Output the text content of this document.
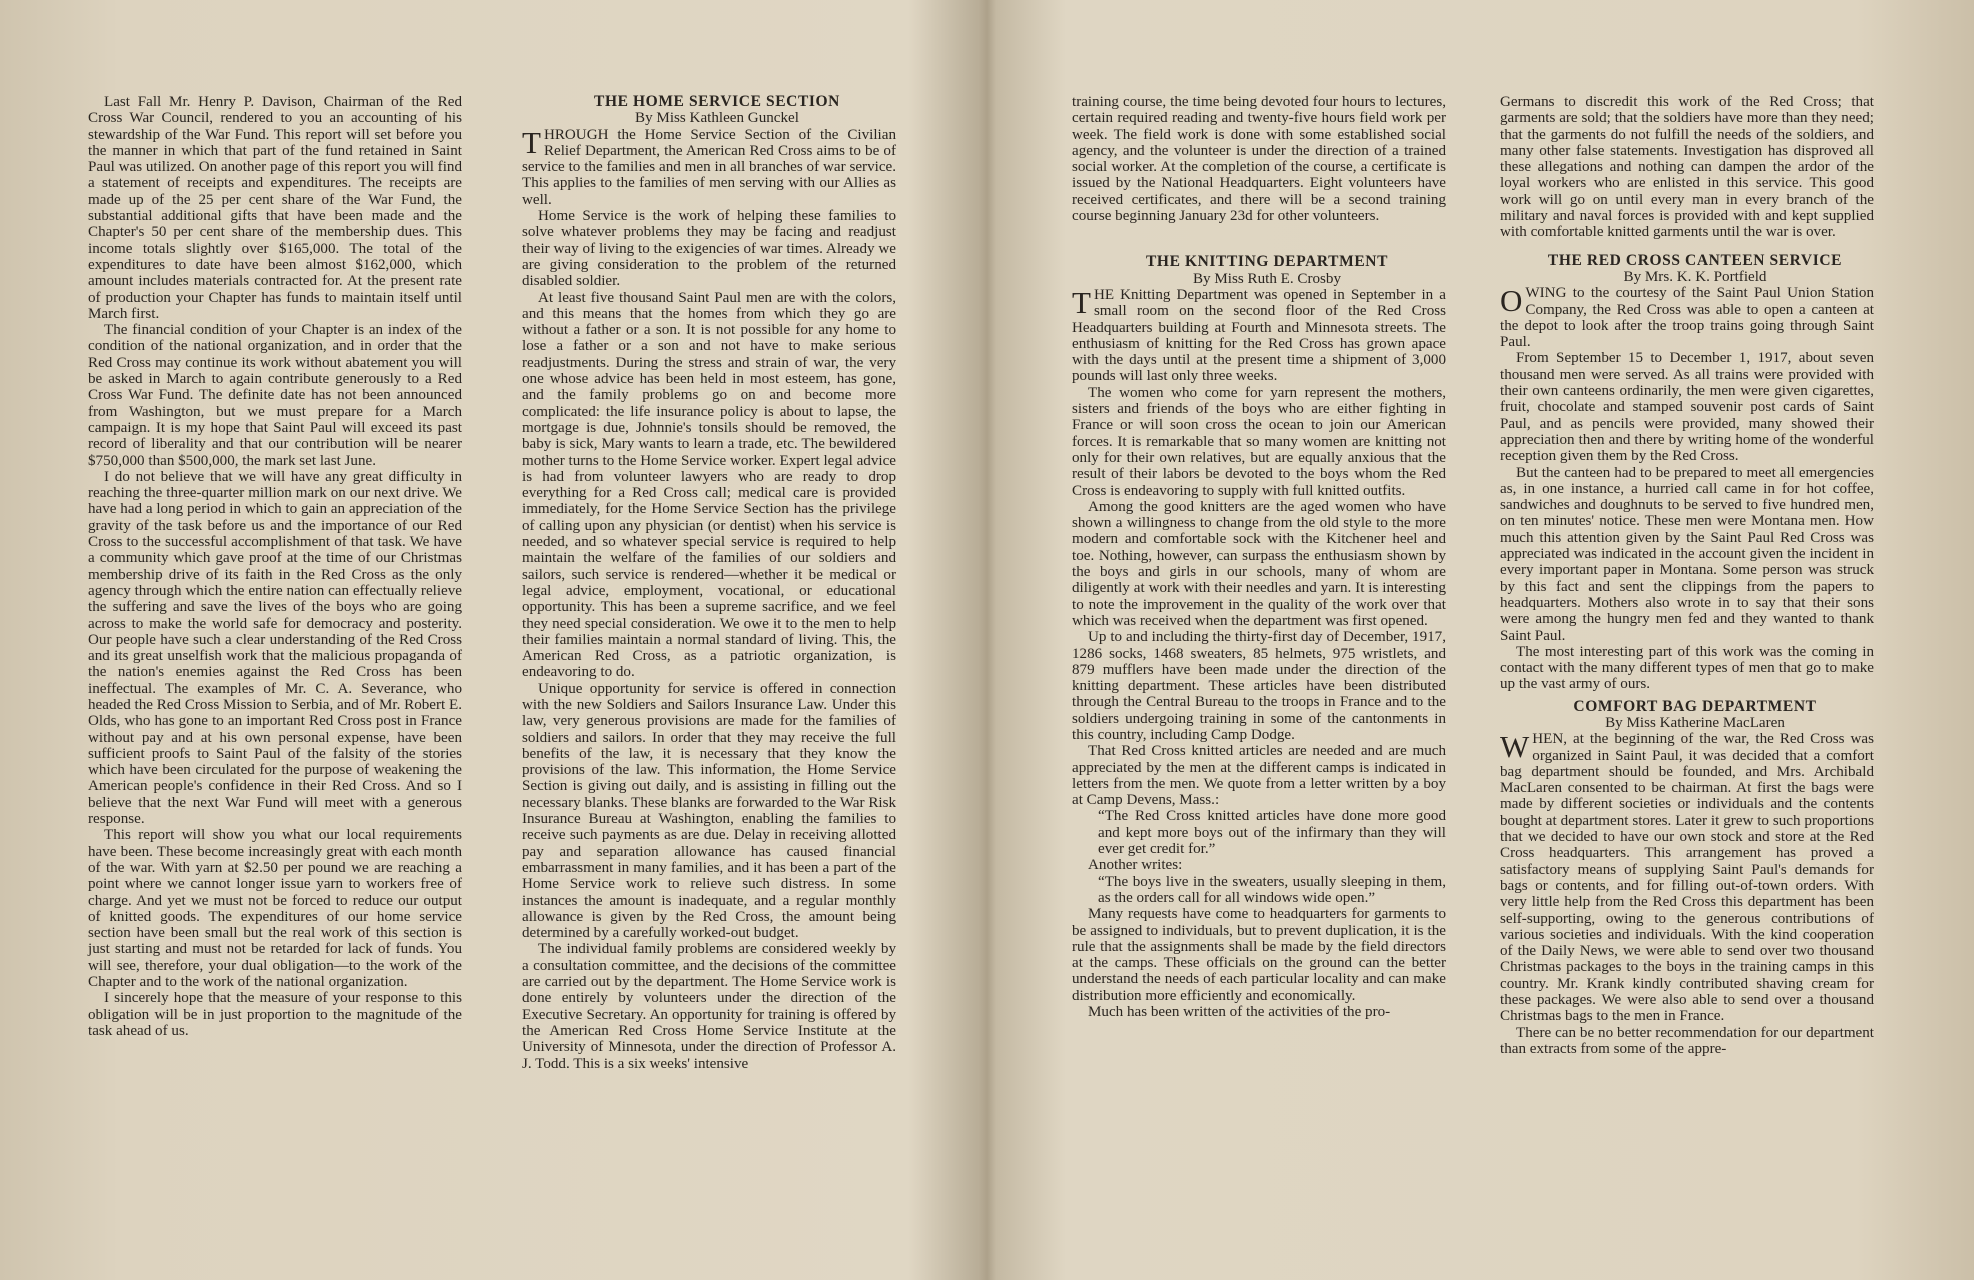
Last Fall Mr. Henry P. Davison, Chairman of the Red Cross War Council, rendered to you an accounting of his stewardship of the War Fund. This report will set before you the manner in which that part of the fund retained in Saint Paul was utilized. On another page of this report you will find a statement of receipts and expenditures. The receipts are made up of the 25 per cent share of the War Fund, the substantial additional gifts that have been made and the Chapter's 50 per cent share of the membership dues. This income totals slightly over $165,000. The total of the expenditures to date have been almost $162,000, which amount includes materials contracted for. At the present rate of production your Chapter has funds to maintain itself until March first.

The financial condition of your Chapter is an index of the condition of the national organization, and in order that the Red Cross may continue its work without abatement you will be asked in March to again contribute generously to a Red Cross War Fund. The definite date has not been announced from Washington, but we must prepare for a March campaign. It is my hope that Saint Paul will exceed its past record of liberality and that our contribution will be nearer $750,000 than $500,000, the mark set last June.

I do not believe that we will have any great difficulty in reaching the three-quarter million mark on our next drive. We have had a long period in which to gain an appreciation of the gravity of the task before us and the importance of our Red Cross to the successful accomplishment of that task. We have a community which gave proof at the time of our Christmas membership drive of its faith in the Red Cross as the only agency through which the entire nation can effectually relieve the suffering and save the lives of the boys who are going across to make the world safe for democracy and posterity. Our people have such a clear understanding of the Red Cross and its great unselfish work that the malicious propaganda of the nation's enemies against the Red Cross has been ineffectual. The examples of Mr. C. A. Severance, who headed the Red Cross Mission to Serbia, and of Mr. Robert E. Olds, who has gone to an important Red Cross post in France without pay and at his own personal expense, have been sufficient proofs to Saint Paul of the falsity of the stories which have been circulated for the purpose of weakening the American people's confidence in their Red Cross. And so I believe that the next War Fund will meet with a generous response.

This report will show you what our local requirements have been. These become increasingly great with each month of the war. With yarn at $2.50 per pound we are reaching a point where we cannot longer issue yarn to workers free of charge. And yet we must not be forced to reduce our output of knitted goods. The expenditures of our home service section have been small but the real work of this section is just starting and must not be retarded for lack of funds. You will see, therefore, your dual obligation—to the work of the Chapter and to the work of the national organization.

I sincerely hope that the measure of your response to this obligation will be in just proportion to the magnitude of the task ahead of us.

THE HOME SERVICE SECTION

By Miss Kathleen Gunckel

THROUGH the Home Service Section of the Civilian Relief Department, the American Red Cross aims to be of service to the families and men in all branches of war service. This applies to the families of men serving with our Allies as well.

Home Service is the work of helping these families to solve whatever problems they may be facing and readjust their way of living to the exigencies of war times. Already we are giving consideration to the problem of the returned disabled soldier.

At least five thousand Saint Paul men are with the colors, and this means that the homes from which they go are without a father or a son. It is not possible for any home to lose a father or a son and not have to make serious readjustments. During the stress and strain of war, the very one whose advice has been held in most esteem, has gone, and the family problems go on and become more complicated: the life insurance policy is about to lapse, the mortgage is due, Johnnie's tonsils should be removed, the baby is sick, Mary wants to learn a trade, etc. The bewildered mother turns to the Home Service worker. Expert legal advice is had from volunteer lawyers who are ready to drop everything for a Red Cross call; medical care is provided immediately, for the Home Service Section has the privilege of calling upon any physician (or dentist) when his service is needed, and so whatever special service is required to help maintain the welfare of the families of our soldiers and sailors, such service is rendered—whether it be medical or legal advice, employment, vocational, or educational opportunity. This has been a supreme sacrifice, and we feel they need special consideration. We owe it to the men to help their families maintain a normal standard of living. This, the American Red Cross, as a patriotic organization, is endeavoring to do.

Unique opportunity for service is offered in connection with the new Soldiers and Sailors Insurance Law. Under this law, very generous provisions are made for the families of soldiers and sailors. In order that they may receive the full benefits of the law, it is necessary that they know the provisions of the law. This information, the Home Service Section is giving out daily, and is assisting in filling out the necessary blanks. These blanks are forwarded to the War Risk Insurance Bureau at Washington, enabling the families to receive such payments as are due. Delay in receiving allotted pay and separation allowance has caused financial embarrassment in many families, and it has been a part of the Home Service work to relieve such distress. In some instances the amount is inadequate, and a regular monthly allowance is given by the Red Cross, the amount being determined by a carefully worked-out budget.

The individual family problems are considered weekly by a consultation committee, and the decisions of the committee are carried out by the department. The Home Service work is done entirely by volunteers under the direction of the Executive Secretary. An opportunity for training is offered by the American Red Cross Home Service Institute at the University of Minnesota, under the direction of Professor A. J. Todd. This is a six weeks' intensive

training course, the time being devoted four hours to lectures, certain required reading and twenty-five hours field work per week. The field work is done with some established social agency, and the volunteer is under the direction of a trained social worker. At the completion of the course, a certificate is issued by the National Headquarters. Eight volunteers have received certificates, and there will be a second training course beginning January 23d for other volunteers.

THE KNITTING DEPARTMENT

By Miss Ruth E. Crosby

THE Knitting Department was opened in September in a small room on the second floor of the Red Cross Headquarters building at Fourth and Minnesota streets. The enthusiasm of knitting for the Red Cross has grown apace with the days until at the present time a shipment of 3,000 pounds will last only three weeks.

The women who come for yarn represent the mothers, sisters and friends of the boys who are either fighting in France or will soon cross the ocean to join our American forces. It is remarkable that so many women are knitting not only for their own relatives, but are equally anxious that the result of their labors be devoted to the boys whom the Red Cross is endeavoring to supply with full knitted outfits.

Among the good knitters are the aged women who have shown a willingness to change from the old style to the more modern and comfortable sock with the Kitchener heel and toe. Nothing, however, can surpass the enthusiasm shown by the boys and girls in our schools, many of whom are diligently at work with their needles and yarn. It is interesting to note the improvement in the quality of the work over that which was received when the department was first opened.

Up to and including the thirty-first day of December, 1917, 1286 socks, 1468 sweaters, 85 helmets, 975 wristlets, and 879 mufflers have been made under the direction of the knitting department. These articles have been distributed through the Central Bureau to the troops in France and to the soldiers undergoing training in some of the cantonments in this country, including Camp Dodge.

That Red Cross knitted articles are needed and are much appreciated by the men at the different camps is indicated in letters from the men. We quote from a letter written by a boy at Camp Devens, Mass.:

“The Red Cross knitted articles have done more good and kept more boys out of the infirmary than they will ever get credit for.”

Another writes:

“The boys live in the sweaters, usually sleeping in them, as the orders call for all windows wide open.”

Many requests have come to headquarters for garments to be assigned to individuals, but to prevent duplication, it is the rule that the assignments shall be made by the field directors at the camps. These officials on the ground can the better understand the needs of each particular locality and can make distribution more efficiently and economically.

Much has been written of the activities of the pro-

Germans to discredit this work of the Red Cross; that garments are sold; that the soldiers have more than they need; that the garments do not fulfill the needs of the soldiers, and many other false statements. Investigation has disproved all these allegations and nothing can dampen the ardor of the loyal workers who are enlisted in this service. This good work will go on until every man in every branch of the military and naval forces is provided with and kept supplied with comfortable knitted garments until the war is over.

THE RED CROSS CANTEEN SERVICE

By Mrs. K. K. Portfield

OWING to the courtesy of the Saint Paul Union Station Company, the Red Cross was able to open a canteen at the depot to look after the troop trains going through Saint Paul.

From September 15 to December 1, 1917, about seven thousand men were served. As all trains were provided with their own canteens ordinarily, the men were given cigarettes, fruit, chocolate and stamped souvenir post cards of Saint Paul, and as pencils were provided, many showed their appreciation then and there by writing home of the wonderful reception given them by the Red Cross.

But the canteen had to be prepared to meet all emergencies as, in one instance, a hurried call came in for hot coffee, sandwiches and doughnuts to be served to five hundred men, on ten minutes' notice. These men were Montana men. How much this attention given by the Saint Paul Red Cross was appreciated was indicated in the account given the incident in every important paper in Montana. Some person was struck by this fact and sent the clippings from the papers to headquarters. Mothers also wrote in to say that their sons were among the hungry men fed and they wanted to thank Saint Paul.

The most interesting part of this work was the coming in contact with the many different types of men that go to make up the vast army of ours.

COMFORT BAG DEPARTMENT

By Miss Katherine MacLaren

WHEN, at the beginning of the war, the Red Cross was organized in Saint Paul, it was decided that a comfort bag department should be founded, and Mrs. Archibald MacLaren consented to be chairman. At first the bags were made by different societies or individuals and the contents bought at department stores. Later it grew to such proportions that we decided to have our own stock and store at the Red Cross headquarters. This arrangement has proved a satisfactory means of supplying Saint Paul's demands for bags or contents, and for filling out-of-town orders. With very little help from the Red Cross this department has been self-supporting, owing to the generous contributions of various societies and individuals. With the kind cooperation of the Daily News, we were able to send over two thousand Christmas packages to the boys in the training camps in this country. Mr. Krank kindly contributed shaving cream for these packages. We were also able to send over a thousand Christmas bags to the men in France.

There can be no better recommendation for our department than extracts from some of the appre-
